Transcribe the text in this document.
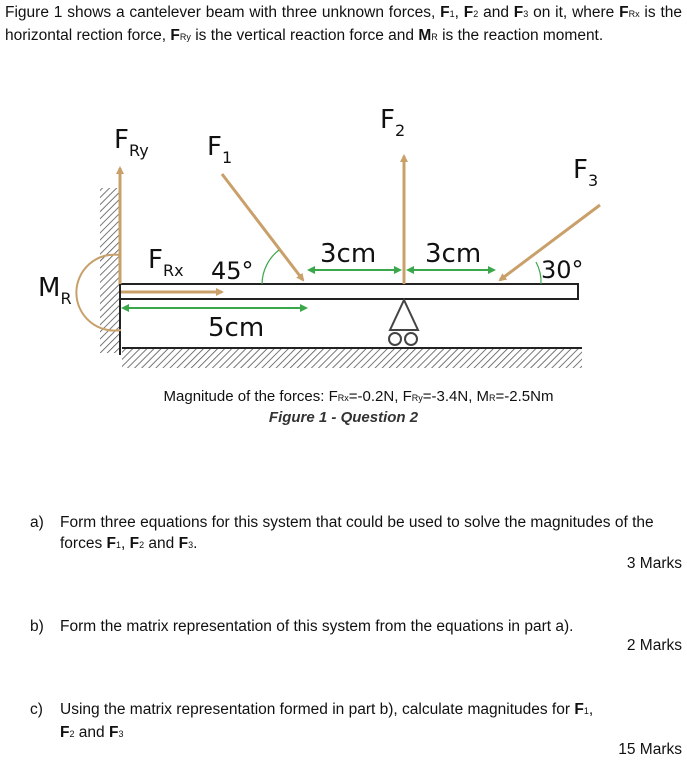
Figure 1 shows a cantelever beam with three unknown forces, F1, F2 and F3 on it, where FRx is the horizontal rection force, FRy is the vertical reaction force and MR is the reaction moment.
$F_{Ry}$ $F_1$
$F_2$
$F_3$
$F_{Rx}$
$M_R$
45°	30°
3cm 3cm
5cm
Magnitude of the forces: FRx=-0.2N, FRy=-3.4N, MR=-2.5Nm
Figure 1 - Question 2
a) Form three equations for this system that could be used to solve the magnitudes of the forces F1, F2 and F3.
3 Marks
b) Form the matrix representation of this system from the equations in part a).
2 Marks
c) Using the matrix representation formed in part b), calculate magnitudes for F1,
F2 and F3
15 Marks
